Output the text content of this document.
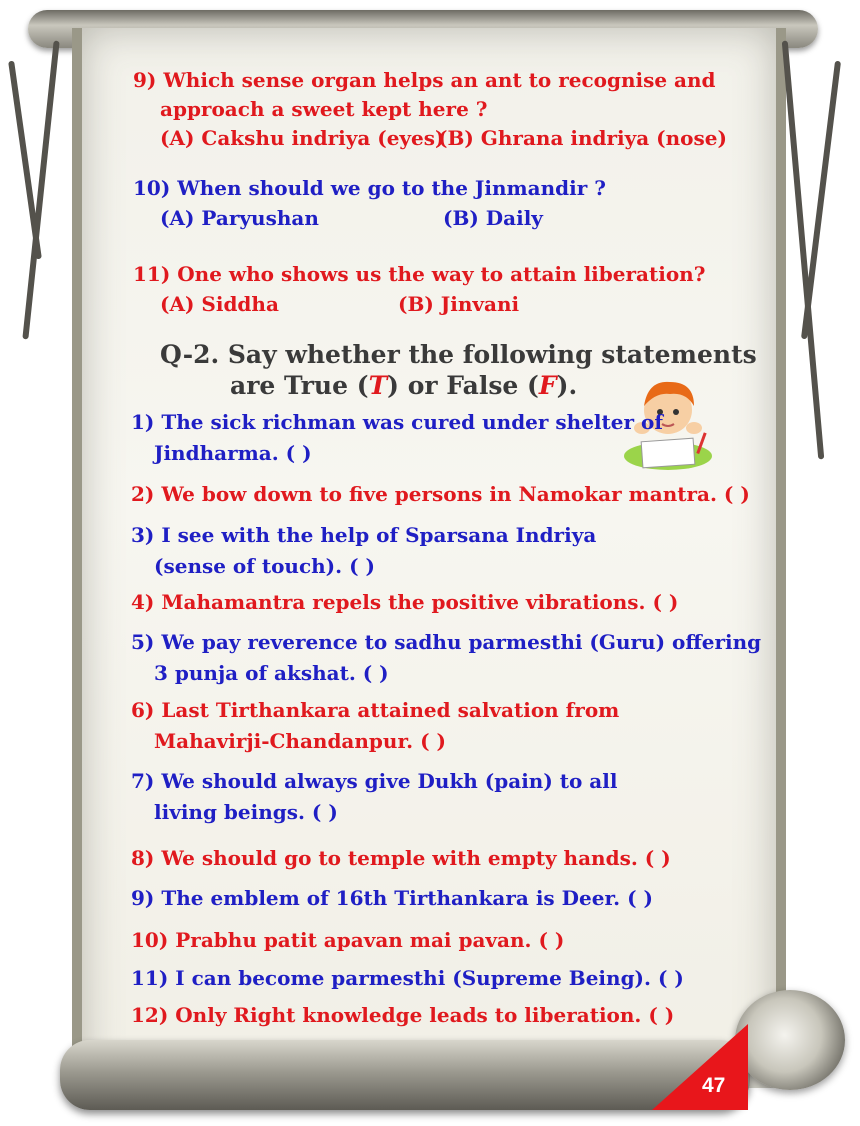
9) Which sense organ helps an ant to recognise and
approach a sweet kept here ?
(A) Cakshu indriya (eyes)
(B) Ghrana indriya (nose)
10) When should we go to the Jinmandir ?
(A) Paryushan	(B) Daily
11) One who shows us the way to attain liberation?
(A) Siddha	(B) Jinvani
Q-2. Say whether the following statements
are True (T) or False (F).
1) The sick richman was cured under shelter of
Jindharma. ( )
2) We bow down to five persons in Namokar mantra. ( )
3) I see with the help of Sparsana Indriya
(sense of touch). ( )
4) Mahamantra repels the positive vibrations. ( )
5) We pay reverence to sadhu parmesthi (Guru) offering
3 punja of akshat. ( )
6) Last Tirthankara attained salvation from
Mahavirji-Chandanpur. ( )
7) We should always give Dukh (pain) to all
living beings. ( )
8) We should go to temple with empty hands. ( )
9) The emblem of 16th Tirthankara is Deer. ( )
10) Prabhu patit apavan mai pavan. ( )
11) I can become parmesthi (Supreme Being). ( )
12) Only Right knowledge leads to liberation. ( )
47
